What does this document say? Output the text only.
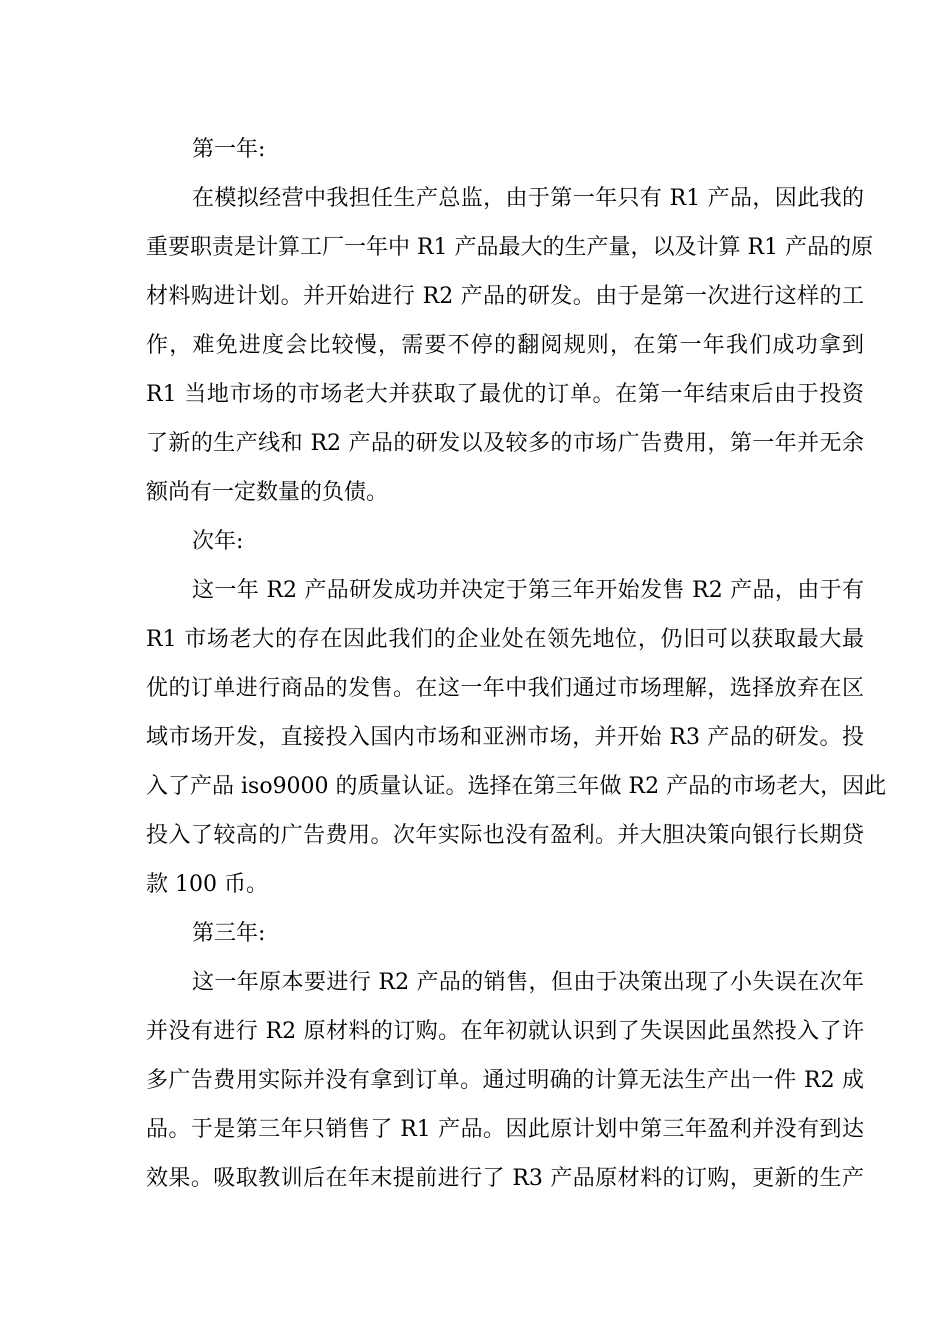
第一年:
在模拟经营中我担任生产总监，由于第一年只有 R1 产品，因此我的
重要职责是计算工厂一年中 R1 产品最大的生产量，以及计算 R1 产品的原
材料购进计划。并开始进行 R2 产品的研发。由于是第一次进行这样的工
作，难免进度会比较慢，需要不停的翻阅规则，在第一年我们成功拿到
R1 当地市场的市场老大并获取了最优的订单。在第一年结束后由于投资
了新的生产线和 R2 产品的研发以及较多的市场广告费用，第一年并无余
额尚有一定数量的负债。
次年:
这一年 R2 产品研发成功并决定于第三年开始发售 R2 产品，由于有
R1 市场老大的存在因此我们的企业处在领先地位，仍旧可以获取最大最
优的订单进行商品的发售。在这一年中我们通过市场理解，选择放弃在区
域市场开发，直接投入国内市场和亚洲市场，并开始 R3 产品的研发。投
入了产品 iso9000 的质量认证。选择在第三年做 R2 产品的市场老大，因此
投入了较高的广告费用。次年实际也没有盈利。并大胆决策向银行长期贷
款 100 币。
第三年:
这一年原本要进行 R2 产品的销售，但由于决策出现了小失误在次年
并没有进行 R2 原材料的订购。在年初就认识到了失误因此虽然投入了许
多广告费用实际并没有拿到订单。通过明确的计算无法生产出一件 R2 成
品。于是第三年只销售了 R1 产品。因此原计划中第三年盈利并没有到达
效果。吸取教训后在年末提前进行了 R3 产品原材料的订购，更新的生产
